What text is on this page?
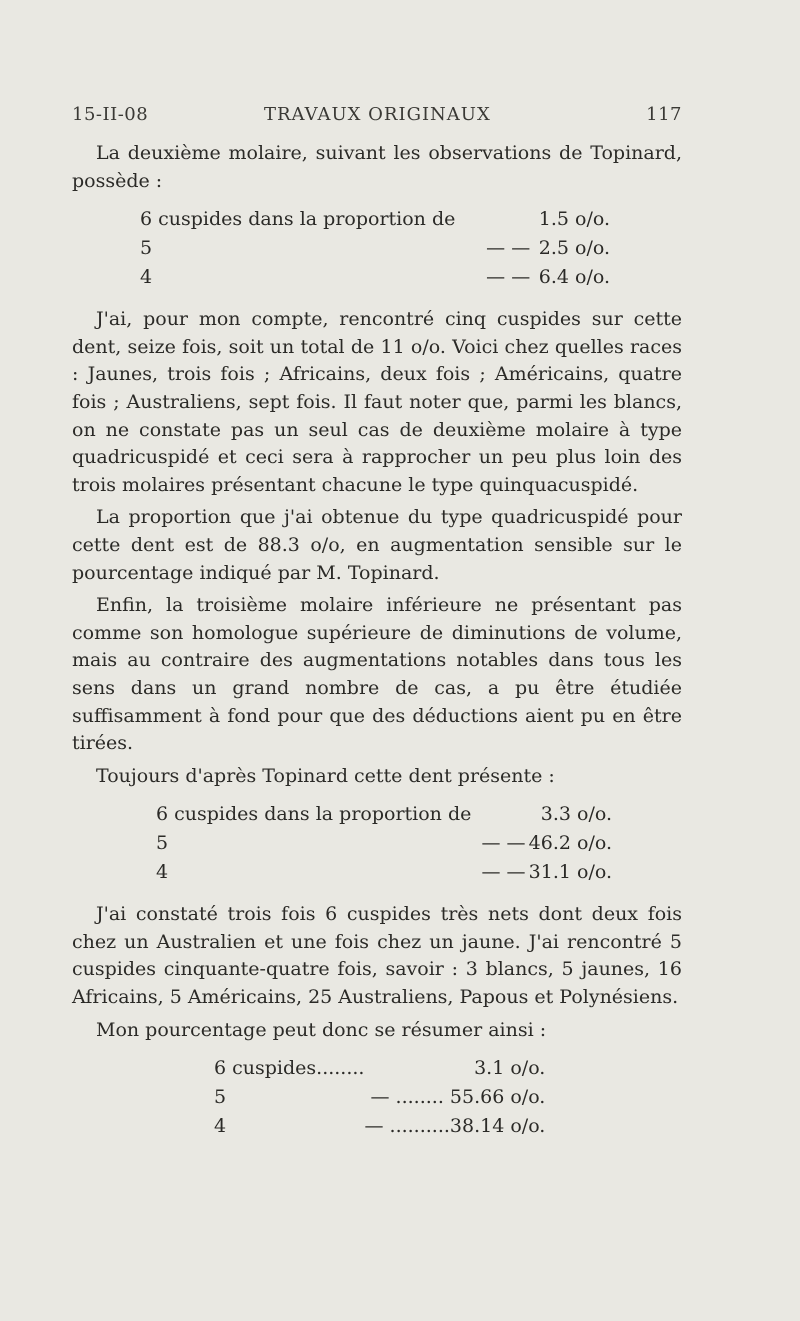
15-II-08	TRAVAUX ORIGINAUX	117

La deuxième molaire, suivant les observations de Topinard, possède :

6 cuspides dans la proportion de		1.5 o/o.
5	— —	2.5 o/o.
4	— —	6.4 o/o.

J'ai, pour mon compte, rencontré cinq cuspides sur cette dent, seize fois, soit un total de 11 o/o. Voici chez quelles races : Jaunes, trois fois ; Africains, deux fois ; Américains, quatre fois ; Australiens, sept fois. Il faut noter que, parmi les blancs, on ne constate pas un seul cas de deuxième molaire à type quadricuspidé et ceci sera à rapprocher un peu plus loin des trois molaires présentant chacune le type quinquacuspidé.

La proportion que j'ai obtenue du type quadricuspidé pour cette dent est de 88.3 o/o, en augmentation sensible sur le pourcentage indiqué par M. Topinard.

Enfin, la troisième molaire inférieure ne présentant pas comme son homologue supérieure de diminutions de volume, mais au contraire des augmentations notables dans tous les sens dans un grand nombre de cas, a pu être étudiée suffisamment à fond pour que des déductions aient pu en être tirées.

Toujours d'après Topinard cette dent présente :

6 cuspides dans la proportion de		3.3 o/o.
5	— —	46.2 o/o.
4	— —	31.1 o/o.

J'ai constaté trois fois 6 cuspides très nets dont deux fois chez un Australien et une fois chez un jaune. J'ai rencontré 5 cuspides cinquante-quatre fois, savoir : 3 blancs, 5 jaunes, 16 Africains, 5 Américains, 25 Australiens, Papous et Polynésiens.

Mon pourcentage peut donc se résumer ainsi :

6 cuspides........		3.1 o/o.
5	— ........	55.66 o/o.
4	— ..........	38.14 o/o.
